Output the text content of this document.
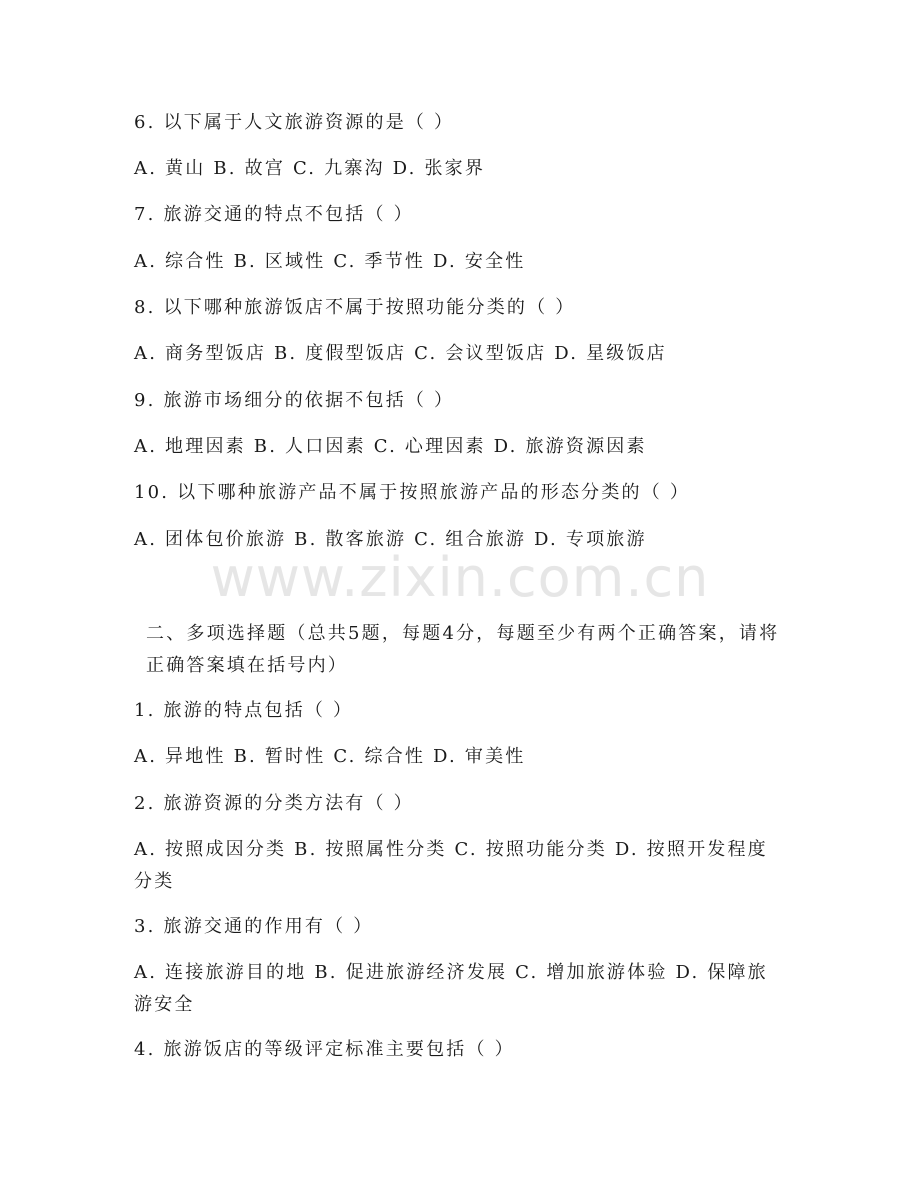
www.zixin.com.cn
6. 以下属于人文旅游资源的是（ ）
A. 黄山 B. 故宫 C. 九寨沟 D. 张家界
7. 旅游交通的特点不包括（ ）
A. 综合性 B. 区域性 C. 季节性 D. 安全性
8. 以下哪种旅游饭店不属于按照功能分类的（ ）
A. 商务型饭店 B. 度假型饭店 C. 会议型饭店 D. 星级饭店
9. 旅游市场细分的依据不包括（ ）
A. 地理因素 B. 人口因素 C. 心理因素 D. 旅游资源因素
10. 以下哪种旅游产品不属于按照旅游产品的形态分类的（ ）
A. 团体包价旅游 B. 散客旅游 C. 组合旅游 D. 专项旅游
二、多项选择题（总共5题，每题4分，每题至少有两个正确答案，请将正确答案填在括号内）
1. 旅游的特点包括（ ）
A. 异地性 B. 暂时性 C. 综合性 D. 审美性
2. 旅游资源的分类方法有（ ）
A. 按照成因分类 B. 按照属性分类 C. 按照功能分类 D. 按照开发程度分类
3. 旅游交通的作用有（ ）
A. 连接旅游目的地 B. 促进旅游经济发展 C. 增加旅游体验 D. 保障旅游安全
4. 旅游饭店的等级评定标准主要包括（ ）
